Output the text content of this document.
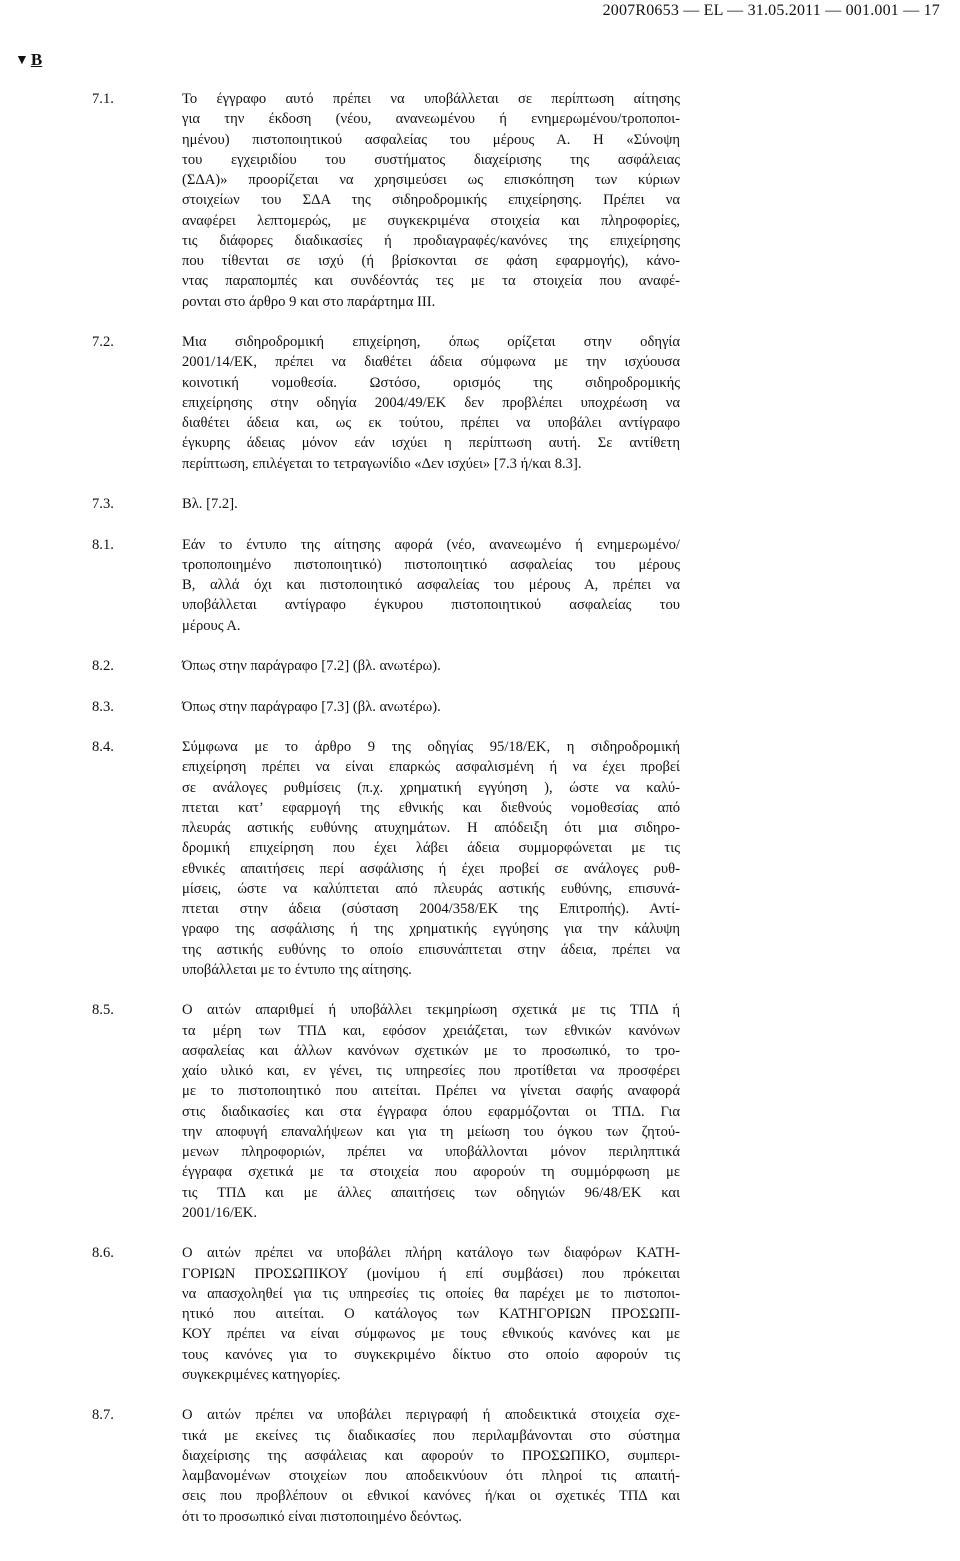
2007R0653 — EL — 31.05.2011 — 001.001 — 17
▼ B
7.1.	Το έγγραφο αυτό πρέπει να υποβάλλεται σε περίπτωση αίτησης
για την έκδοση (νέου, ανανεωμένου ή ενημερωμένου/τροποποι-
ημένου) πιστοποιητικού ασφαλείας του μέρους Α. Η «Σύνοψη
του εγχειριδίου του συστήματος διαχείρισης της ασφάλειας
(ΣΔΑ)» προορίζεται να χρησιμεύσει ως επισκόπηση των κύριων
στοιχείων του ΣΔΑ της σιδηροδρομικής επιχείρησης. Πρέπει να
αναφέρει λεπτομερώς, με συγκεκριμένα στοιχεία και πληροφορίες,
τις διάφορες διαδικασίες ή προδιαγραφές/κανόνες της επιχείρησης
που τίθενται σε ισχύ (ή βρίσκονται σε φάση εφαρμογής), κάνο-
ντας παραπομπές και συνδέοντάς τες με τα στοιχεία που αναφέ-
ρονται στο άρθρο 9 και στο παράρτημα ΙΙΙ.
7.2.	Μια σιδηροδρομική επιχείρηση, όπως ορίζεται στην οδηγία
2001/14/ΕΚ, πρέπει να διαθέτει άδεια σύμφωνα με την ισχύουσα
κοινοτική νομοθεσία. Ωστόσο, ορισμός της σιδηροδρομικής
επιχείρησης στην οδηγία 2004/49/ΕΚ δεν προβλέπει υποχρέωση να
διαθέτει άδεια και, ως εκ τούτου, πρέπει να υποβάλει αντίγραφο
έγκυρης άδειας μόνον εάν ισχύει η περίπτωση αυτή. Σε αντίθετη
περίπτωση, επιλέγεται το τετραγωνίδιο «Δεν ισχύει» [7.3 ή/και 8.3].
7.3.	Βλ. [7.2].
8.1.	Εάν το έντυπο της αίτησης αφορά (νέο, ανανεωμένο ή ενημερωμένο/
τροποποιημένο πιστοποιητικό) πιστοποιητικό ασφαλείας του μέρους
Β, αλλά όχι και πιστοποιητικό ασφαλείας του μέρους Α, πρέπει να
υποβάλλεται αντίγραφο έγκυρου πιστοποιητικού ασφαλείας του
μέρους Α.
8.2.	Όπως στην παράγραφο [7.2] (βλ. ανωτέρω).
8.3.	Όπως στην παράγραφο [7.3] (βλ. ανωτέρω).
8.4.	Σύμφωνα με το άρθρο 9 της οδηγίας 95/18/ΕΚ, η σιδηροδρομική
επιχείρηση πρέπει να είναι επαρκώς ασφαλισμένη ή να έχει προβεί
σε ανάλογες ρυθμίσεις (π.χ. χρηματική εγγύηση ), ώστε να καλύ-
πτεται κατ’ εφαρμογή της εθνικής και διεθνούς νομοθεσίας από
πλευράς αστικής ευθύνης ατυχημάτων. Η απόδειξη ότι μια σιδηρο-
δρομική επιχείρηση που έχει λάβει άδεια συμμορφώνεται με τις
εθνικές απαιτήσεις περί ασφάλισης ή έχει προβεί σε ανάλογες ρυθ-
μίσεις, ώστε να καλύπτεται από πλευράς αστικής ευθύνης, επισυνά-
πτεται στην άδεια (σύσταση 2004/358/ΕΚ της Επιτροπής). Αντί-
γραφο της ασφάλισης ή της χρηματικής εγγύησης για την κάλυψη
της αστικής ευθύνης το οποίο επισυνάπτεται στην άδεια, πρέπει να
υποβάλλεται με το έντυπο της αίτησης.
8.5.	Ο αιτών απαριθμεί ή υποβάλλει τεκμηρίωση σχετικά με τις ΤΠΔ ή
τα μέρη των ΤΠΔ και, εφόσον χρειάζεται, των εθνικών κανόνων
ασφαλείας και άλλων κανόνων σχετικών με το προσωπικό, το τρο-
χαίο υλικό και, εν γένει, τις υπηρεσίες που προτίθεται να προσφέρει
με το πιστοποιητικό που αιτείται. Πρέπει να γίνεται σαφής αναφορά
στις διαδικασίες και στα έγγραφα όπου εφαρμόζονται οι ΤΠΔ. Για
την αποφυγή επαναλήψεων και για τη μείωση του όγκου των ζητού-
μενων πληροφοριών, πρέπει να υποβάλλονται μόνον περιληπτικά
έγγραφα σχετικά με τα στοιχεία που αφορούν τη συμμόρφωση με
τις ΤΠΔ και με άλλες απαιτήσεις των οδηγιών 96/48/ΕΚ και
2001/16/ΕΚ.
8.6.	Ο αιτών πρέπει να υποβάλει πλήρη κατάλογο των διαφόρων ΚΑΤΗ-
ΓΟΡΙΩΝ ΠΡΟΣΩΠΙΚΟΥ (μονίμου ή επί συμβάσει) που πρόκειται
να απασχοληθεί για τις υπηρεσίες τις οποίες θα παρέχει με το πιστοποι-
ητικό που αιτείται. Ο κατάλογος των ΚΑΤΗΓΟΡΙΩΝ ΠΡΟΣΩΠΙ-
ΚΟΥ πρέπει να είναι σύμφωνος με τους εθνικούς κανόνες και με
τους κανόνες για το συγκεκριμένο δίκτυο στο οποίο αφορούν τις
συγκεκριμένες κατηγορίες.
8.7.	Ο αιτών πρέπει να υποβάλει περιγραφή ή αποδεικτικά στοιχεία σχε-
τικά με εκείνες τις διαδικασίες που περιλαμβάνονται στο σύστημα
διαχείρισης της ασφάλειας και αφορούν το ΠΡΟΣΩΠΙΚΟ, συμπερι-
λαμβανομένων στοιχείων που αποδεικνύουν ότι πληροί τις απαιτή-
σεις που προβλέπουν οι εθνικοί κανόνες ή/και οι σχετικές ΤΠΔ και
ότι το προσωπικό είναι πιστοποιημένο δεόντως.
